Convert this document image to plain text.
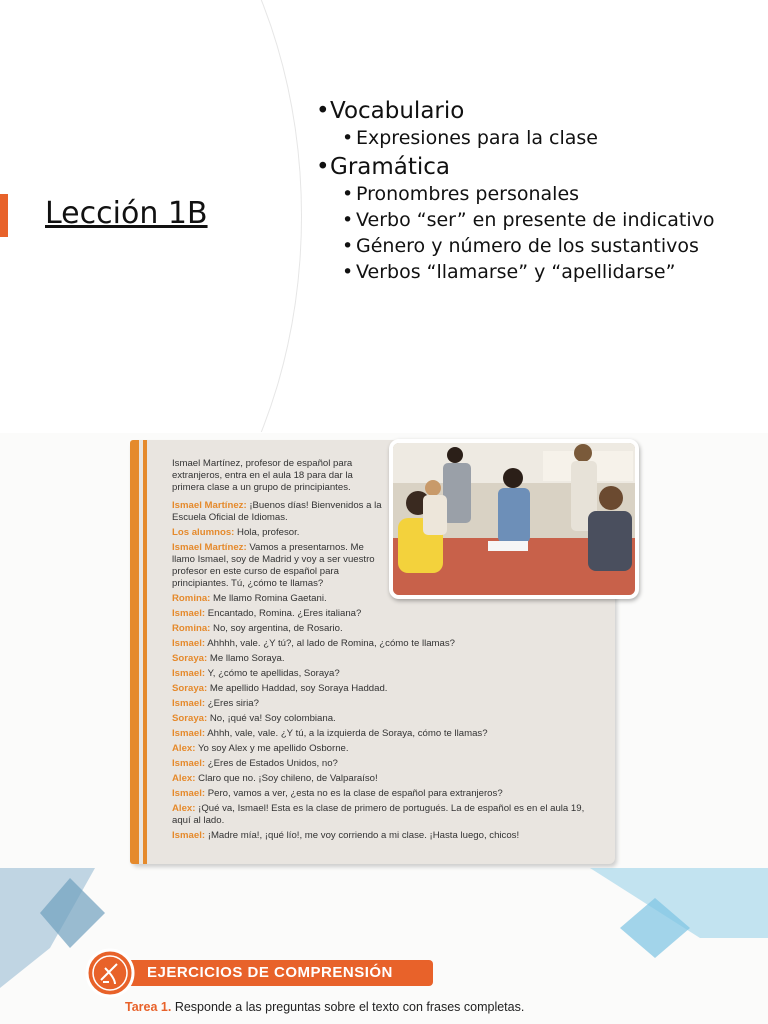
Lección 1B
•Vocabulario
• Expresiones para la clase
•Gramática
• Pronombres personales
• Verbo “ser” en presente de indicativo
• Género y número de los sustantivos
• Verbos “llamarse” y “apellidarse”

Ismael Martínez, profesor de español para extranjeros, entra en el aula 18 para dar la primera clase a un grupo de principiantes.

Ismael Martínez: ¡Buenos días! Bienvenidos a la Escuela Oficial de Idiomas.

Los alumnos: Hola, profesor.

Ismael Martínez: Vamos a presentarnos. Me llamo Ismael, soy de Madrid y voy a ser vuestro profesor en este curso de español para principiantes. Tú, ¿cómo te llamas?

Romina: Me llamo Romina Gaetani.

Ismael: Encantado, Romina. ¿Eres italiana?

Romina: No, soy argentina, de Rosario.

Ismael: Ahhhh, vale. ¿Y tú?, al lado de Romina, ¿cómo te llamas?

Soraya: Me llamo Soraya.

Ismael: Y, ¿cómo te apellidas, Soraya?

Soraya: Me apellido Haddad, soy Soraya Haddad.

Ismael: ¿Eres siria?

Soraya: No, ¡qué va! Soy colombiana.

Ismael: Ahhh, vale, vale. ¿Y tú, a la izquierda de Soraya, cómo te llamas?

Alex: Yo soy Alex y me apellido Osborne.

Ismael: ¿Eres de Estados Unidos, no?

Alex: Claro que no. ¡Soy chileno, de Valparaíso!

Ismael: Pero, vamos a ver, ¿esta no es la clase de español para extranjeros?

Alex: ¡Qué va, Ismael! Esta es la clase de primero de portugués. La de español es en el aula 19, aquí al lado.

Ismael: ¡Madre mía!, ¡qué lío!, me voy corriendo a mi clase. ¡Hasta luego, chicos!

EJERCICIOS DE COMPRENSIÓN
Tarea 1. Responde a las preguntas sobre el texto con frases completas.
